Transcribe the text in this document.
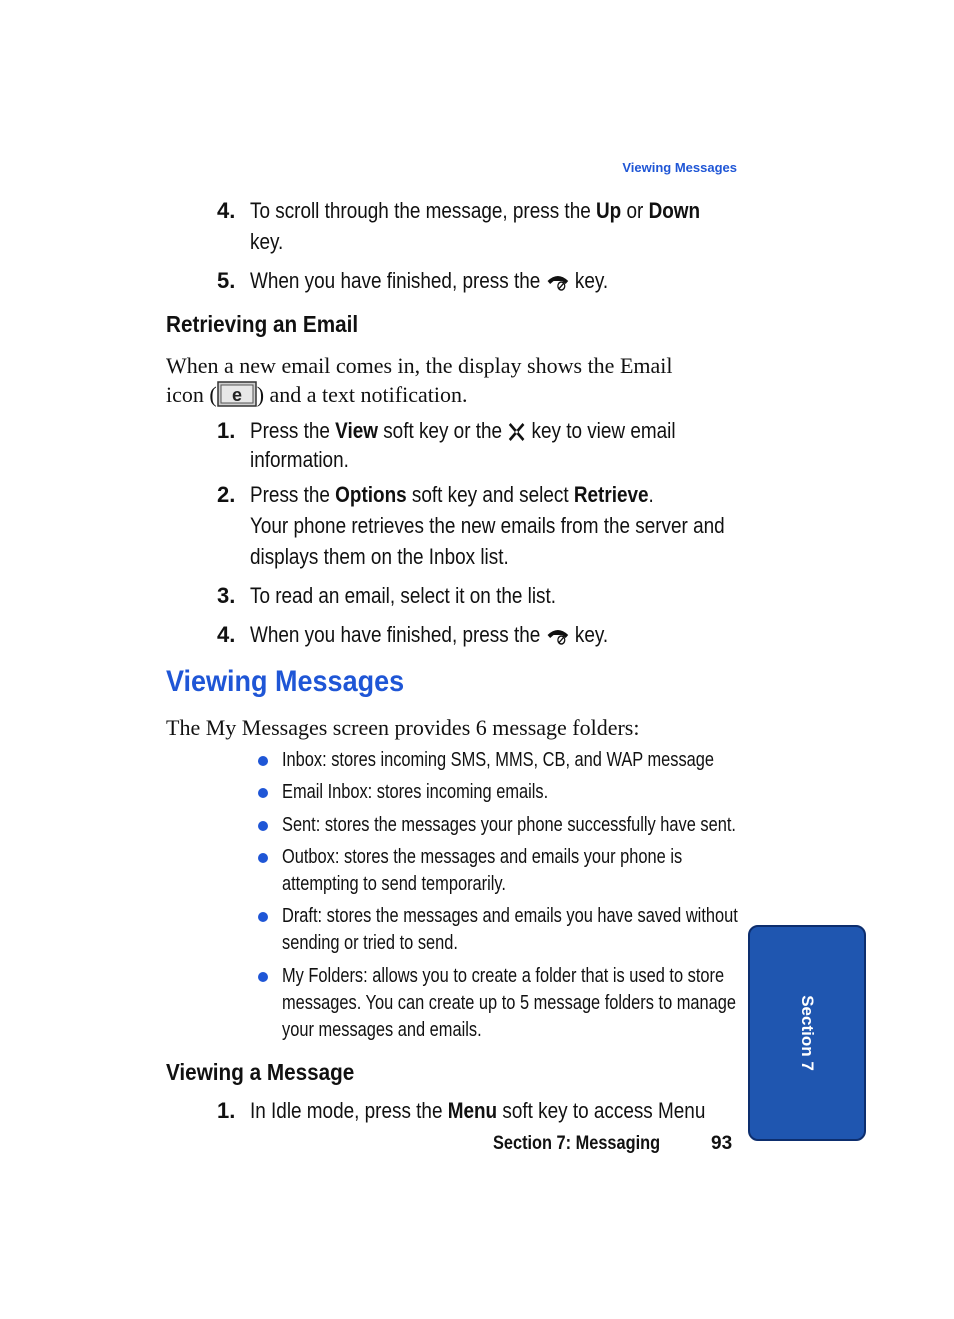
Viewing Messages
4. To scroll through the message, press the Up or Down
key.
5. When you have finished, press the  key.
Retrieving an Email
When a new email comes in, the display shows the Email
icon ( e ) and a text notification.
1. Press the View soft key or the  key to view email
information.
2. Press the Options soft key and select Retrieve.
Your phone retrieves the new emails from the server and
displays them on the Inbox list.
3. To read an email, select it on the list.
4. When you have finished, press the  key.
Viewing Messages
The My Messages screen provides 6 message folders:
Inbox: stores incoming SMS, MMS, CB, and WAP message
Email Inbox: stores incoming emails.
Sent: stores the messages your phone successfully have sent.
Outbox: stores the messages and emails your phone is
attempting to send temporarily.
Draft: stores the messages and emails you have saved without
sending or tried to send.
My Folders: allows you to create a folder that is used to store
messages. You can create up to 5 message folders to manage
your messages and emails.
Viewing a Message
1. In Idle mode, press the Menu soft key to access Menu
Section 7
Section 7: Messaging	93
